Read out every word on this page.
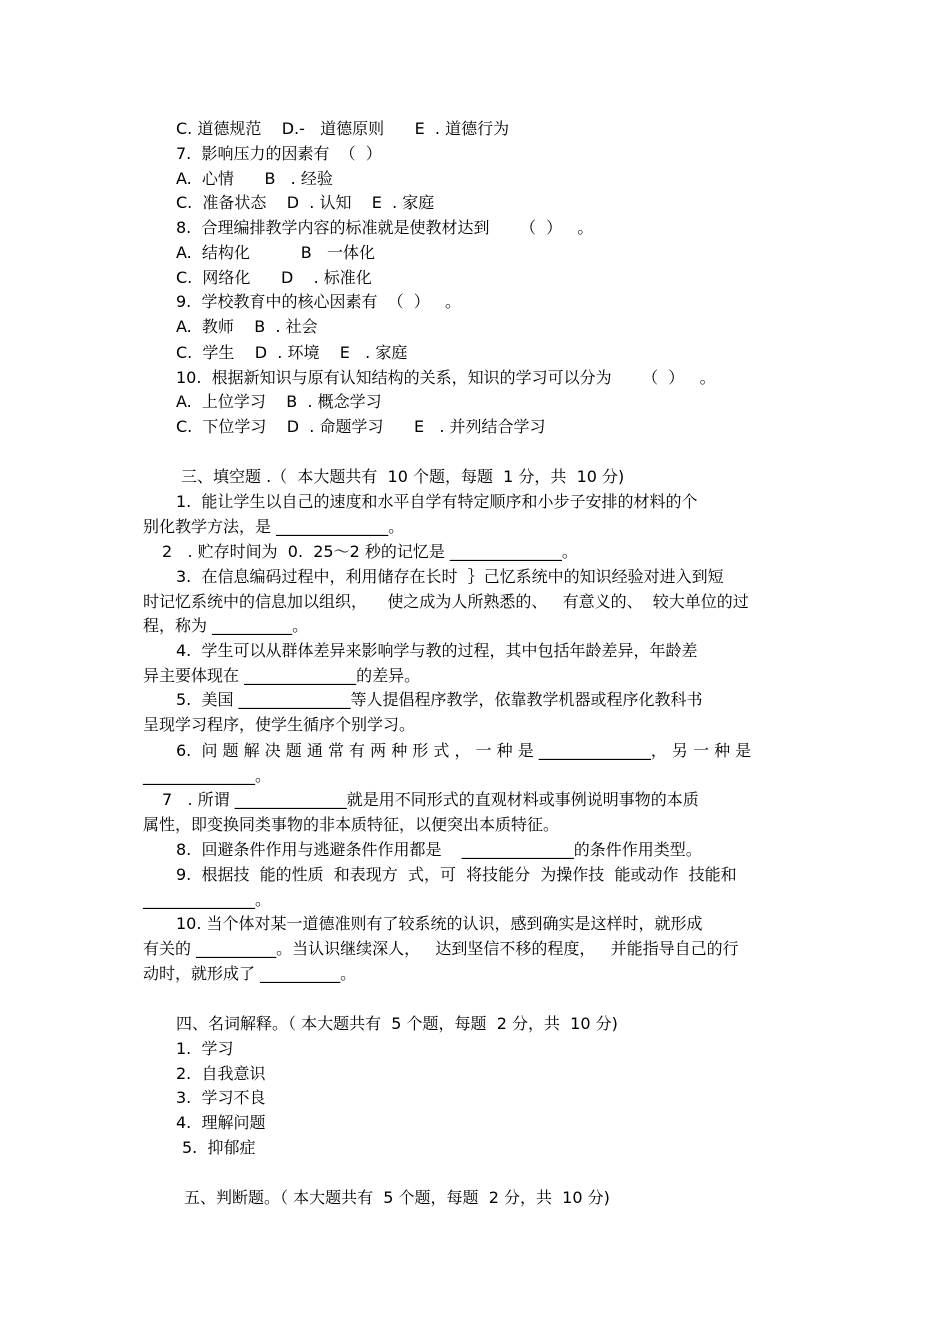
C. 道德规范    D.-   道德原则      E  . 道德行为
7.  影响压力的因素有  （  ）
A.  心情      B   . 经验
C.  准备状态    D  . 认知    E  . 家庭
8.  合理编排教学内容的标准就是使教材达到      （  ）   。
A.  结构化          B   一体化
C.  网络化      D    . 标准化
9.  学校教育中的核心因素有  （  ）   。
A.  教师    B  . 社会
C.  学生    D  . 环境    E   . 家庭
10.  根据新知识与原有认知结构的关系，知识的学习可以分为      （  ）   。
A.  上位学习    B  . 概念学习
C.  下位学习    D  . 命题学习      E   . 并列结合学习
三、填空题 .（  本大题共有  10 个题，每题  1 分，共  10 分)
1.  能让学生以自己的速度和水平自学有特定顺序和小步子安排的材料的个
别化教学方法，是 ______________。
2   . 贮存时间为  0.  25～2 秒的记忆是 ______________。
3.  在信息编码过程中，利用储存在长时  ｝己忆系统中的知识经验对进入到短
时记忆系统中的信息加以组织，    使之成为人所熟悉的、   有意义的、  较大单位的过
程，称为 __________。
4.  学生可以从群体差异来影响学与教的过程，其中包括年龄差异，年龄差
异主要体现在 ______________的差异。
5.  美国 ______________等人提倡程序教学，依靠教学机器或程序化教科书
呈现学习程序，使学生循序个别学习。
6.  问 题 解 决 题 通 常 有 两 种 形 式 ， 一 种 是 ______________， 另 一 种 是
______________。
7   . 所谓 ______________就是用不同形式的直观材料或事例说明事物的本质
属性，即变换同类事物的非本质特征，以便突出本质特征。
8.  回避条件作用与逃避条件作用都是    ______________的条件作用类型。
9.  根据技  能的性质  和表现方  式，可  将技能分  为操作技  能或动作  技能和
______________。
10. 当个体对某一道德准则有了较系统的认识，感到确实是这样时，就形成
有关的 __________。当认识继续深人，   达到坚信不移的程度，   并能指导自己的行
动时，就形成了 __________。
四、名词解释。（ 本大题共有  5 个题，每题  2 分，共  10 分)
1.  学习
2.  自我意识
3.  学习不良
4.  理解问题
5.  抑郁症
五、判断题。（ 本大题共有  5 个题，每题  2 分，共  10 分)
